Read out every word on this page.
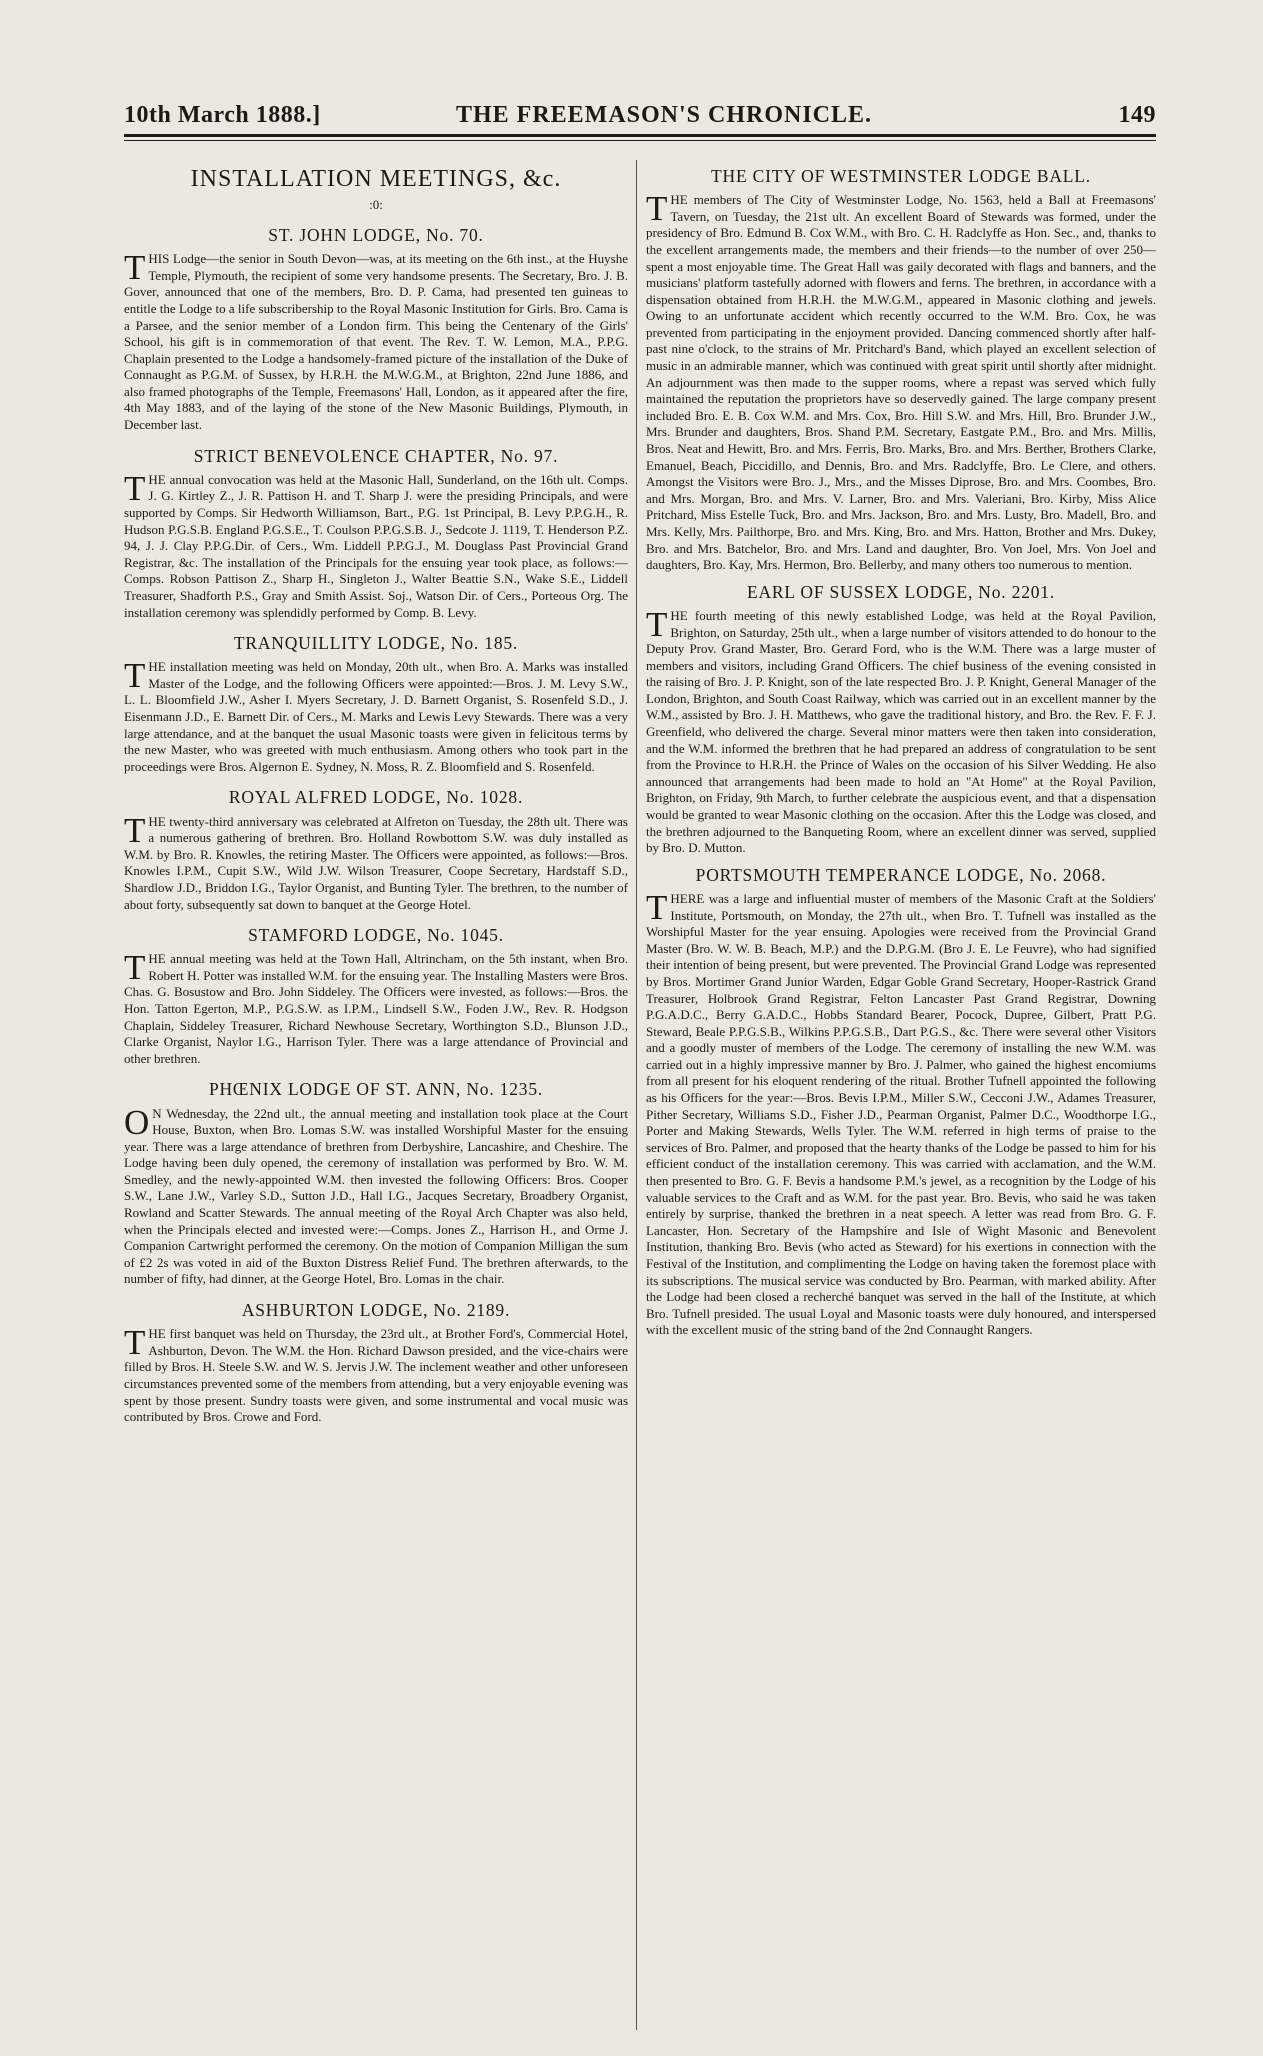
10th March 1888.]	THE FREEMASON'S CHRONICLE.	149
INSTALLATION MEETINGS, &c.
:0:
ST. JOHN LODGE, No. 70.

THIS Lodge—the senior in South Devon—was, at its meeting on the 6th inst., at the Huyshe Temple, Plymouth, the recipient of some very handsome presents. The Secretary, Bro. J. B. Gover, announced that one of the members, Bro. D. P. Cama, had presented ten guineas to entitle the Lodge to a life subscribership to the Royal Masonic Institution for Girls. Bro. Cama is a Parsee, and the senior member of a London firm. This being the Centenary of the Girls' School, his gift is in commemoration of that event. The Rev. T. W. Lemon, M.A., P.P.G. Chaplain presented to the Lodge a handsomely-framed picture of the installation of the Duke of Connaught as P.G.M. of Sussex, by H.R.H. the M.W.G.M., at Brighton, 22nd June 1886, and also framed photographs of the Temple, Freemasons' Hall, London, as it appeared after the fire, 4th May 1883, and of the laying of the stone of the New Masonic Buildings, Plymouth, in December last.

STRICT BENEVOLENCE CHAPTER, No. 97.

THE annual convocation was held at the Masonic Hall, Sunderland, on the 16th ult. Comps. J. G. Kirtley Z., J. R. Pattison H. and T. Sharp J. were the presiding Principals, and were supported by Comps. Sir Hedworth Williamson, Bart., P.G. 1st Principal, B. Levy P.P.G.H., R. Hudson P.G.S.B. England P.G.S.E., T. Coulson P.P.G.S.B. J., Sedcote J. 1119, T. Henderson P.Z. 94, J. J. Clay P.P.G.Dir. of Cers., Wm. Liddell P.P.G.J., M. Douglass Past Provincial Grand Registrar, &c. The installation of the Principals for the ensuing year took place, as follows:—Comps. Robson Pattison Z., Sharp H., Singleton J., Walter Beattie S.N., Wake S.E., Liddell Treasurer, Shadforth P.S., Gray and Smith Assist. Soj., Watson Dir. of Cers., Porteous Org. The installation ceremony was splendidly performed by Comp. B. Levy.

TRANQUILLITY LODGE, No. 185.

THE installation meeting was held on Monday, 20th ult., when Bro. A. Marks was installed Master of the Lodge, and the following Officers were appointed:—Bros. J. M. Levy S.W., L. L. Bloomfield J.W., Asher I. Myers Secretary, J. D. Barnett Organist, S. Rosenfeld S.D., J. Eisenmann J.D., E. Barnett Dir. of Cers., M. Marks and Lewis Levy Stewards. There was a very large attendance, and at the banquet the usual Masonic toasts were given in felicitous terms by the new Master, who was greeted with much enthusiasm. Among others who took part in the proceedings were Bros. Algernon E. Sydney, N. Moss, R. Z. Bloomfield and S. Rosenfeld.

ROYAL ALFRED LODGE, No. 1028.

THE twenty-third anniversary was celebrated at Alfreton on Tuesday, the 28th ult. There was a numerous gathering of brethren. Bro. Holland Rowbottom S.W. was duly installed as W.M. by Bro. R. Knowles, the retiring Master. The Officers were appointed, as follows:—Bros. Knowles I.P.M., Cupit S.W., Wild J.W. Wilson Treasurer, Coope Secretary, Hardstaff S.D., Shardlow J.D., Briddon I.G., Taylor Organist, and Bunting Tyler. The brethren, to the number of about forty, subsequently sat down to banquet at the George Hotel.

STAMFORD LODGE, No. 1045.

THE annual meeting was held at the Town Hall, Altrincham, on the 5th instant, when Bro. Robert H. Potter was installed W.M. for the ensuing year. The Installing Masters were Bros. Chas. G. Bosustow and Bro. John Siddeley. The Officers were invested, as follows:—Bros. the Hon. Tatton Egerton, M.P., P.G.S.W. as I.P.M., Lindsell S.W., Foden J.W., Rev. R. Hodgson Chaplain, Siddeley Treasurer, Richard Newhouse Secretary, Worthington S.D., Blunson J.D., Clarke Organist, Naylor I.G., Harrison Tyler. There was a large attendance of Provincial and other brethren.

PHŒNIX LODGE OF ST. ANN, No. 1235.

ON Wednesday, the 22nd ult., the annual meeting and installation took place at the Court House, Buxton, when Bro. Lomas S.W. was installed Worshipful Master for the ensuing year. There was a large attendance of brethren from Derbyshire, Lancashire, and Cheshire. The Lodge having been duly opened, the ceremony of installation was performed by Bro. W. M. Smedley, and the newly-appointed W.M. then invested the following Officers: Bros. Cooper S.W., Lane J.W., Varley S.D., Sutton J.D., Hall I.G., Jacques Secretary, Broadbery Organist, Rowland and Scatter Stewards. The annual meeting of the Royal Arch Chapter was also held, when the Principals elected and invested were:—Comps. Jones Z., Harrison H., and Orme J. Companion Cartwright performed the ceremony. On the motion of Companion Milligan the sum of £2 2s was voted in aid of the Buxton Distress Relief Fund. The brethren afterwards, to the number of fifty, had dinner, at the George Hotel, Bro. Lomas in the chair.

ASHBURTON LODGE, No. 2189.

THE first banquet was held on Thursday, the 23rd ult., at Brother Ford's, Commercial Hotel, Ashburton, Devon. The W.M. the Hon. Richard Dawson presided, and the vice-chairs were filled by Bros. H. Steele S.W. and W. S. Jervis J.W. The inclement weather and other unforeseen circumstances prevented some of the members from attending, but a very enjoyable evening was spent by those present. Sundry toasts were given, and some instrumental and vocal music was contributed by Bros. Crowe and Ford.

THE CITY OF WESTMINSTER LODGE BALL.

THE members of The City of Westminster Lodge, No. 1563, held a Ball at Freemasons' Tavern, on Tuesday, the 21st ult. An excellent Board of Stewards was formed, under the presidency of Bro. Edmund B. Cox W.M., with Bro. C. H. Radclyffe as Hon. Sec., and, thanks to the excellent arrangements made, the members and their friends—to the number of over 250—spent a most enjoyable time. The Great Hall was gaily decorated with flags and banners, and the musicians' platform tastefully adorned with flowers and ferns. The brethren, in accordance with a dispensation obtained from H.R.H. the M.W.G.M., appeared in Masonic clothing and jewels. Owing to an unfortunate accident which recently occurred to the W.M. Bro. Cox, he was prevented from participating in the enjoyment provided. Dancing commenced shortly after half-past nine o'clock, to the strains of Mr. Pritchard's Band, which played an excellent selection of music in an admirable manner, which was continued with great spirit until shortly after midnight. An adjournment was then made to the supper rooms, where a repast was served which fully maintained the reputation the proprietors have so deservedly gained. The large company present included Bro. E. B. Cox W.M. and Mrs. Cox, Bro. Hill S.W. and Mrs. Hill, Bro. Brunder J.W., Mrs. Brunder and daughters, Bros. Shand P.M. Secretary, Eastgate P.M., Bro. and Mrs. Millis, Bros. Neat and Hewitt, Bro. and Mrs. Ferris, Bro. Marks, Bro. and Mrs. Berther, Brothers Clarke, Emanuel, Beach, Piccidillo, and Dennis, Bro. and Mrs. Radclyffe, Bro. Le Clere, and others. Amongst the Visitors were Bro. J., Mrs., and the Misses Diprose, Bro. and Mrs. Coombes, Bro. and Mrs. Morgan, Bro. and Mrs. V. Larner, Bro. and Mrs. Valeriani, Bro. Kirby, Miss Alice Pritchard, Miss Estelle Tuck, Bro. and Mrs. Jackson, Bro. and Mrs. Lusty, Bro. Madell, Bro. and Mrs. Kelly, Mrs. Pailthorpe, Bro. and Mrs. King, Bro. and Mrs. Hatton, Brother and Mrs. Dukey, Bro. and Mrs. Batchelor, Bro. and Mrs. Land and daughter, Bro. Von Joel, Mrs. Von Joel and daughters, Bro. Kay, Mrs. Hermon, Bro. Bellerby, and many others too numerous to mention.

EARL OF SUSSEX LODGE, No. 2201.

THE fourth meeting of this newly established Lodge, was held at the Royal Pavilion, Brighton, on Saturday, 25th ult., when a large number of visitors attended to do honour to the Deputy Prov. Grand Master, Bro. Gerard Ford, who is the W.M. There was a large muster of members and visitors, including Grand Officers. The chief business of the evening consisted in the raising of Bro. J. P. Knight, son of the late respected Bro. J. P. Knight, General Manager of the London, Brighton, and South Coast Railway, which was carried out in an excellent manner by the W.M., assisted by Bro. J. H. Matthews, who gave the traditional history, and Bro. the Rev. F. F. J. Greenfield, who delivered the charge. Several minor matters were then taken into consideration, and the W.M. informed the brethren that he had prepared an address of congratulation to be sent from the Province to H.R.H. the Prince of Wales on the occasion of his Silver Wedding. He also announced that arrangements had been made to hold an "At Home" at the Royal Pavilion, Brighton, on Friday, 9th March, to further celebrate the auspicious event, and that a dispensation would be granted to wear Masonic clothing on the occasion. After this the Lodge was closed, and the brethren adjourned to the Banqueting Room, where an excellent dinner was served, supplied by Bro. D. Mutton.

PORTSMOUTH TEMPERANCE LODGE, No. 2068.

THERE was a large and influential muster of members of the Masonic Craft at the Soldiers' Institute, Portsmouth, on Monday, the 27th ult., when Bro. T. Tufnell was installed as the Worshipful Master for the year ensuing. Apologies were received from the Provincial Grand Master (Bro. W. W. B. Beach, M.P.) and the D.P.G.M. (Bro J. E. Le Feuvre), who had signified their intention of being present, but were prevented. The Provincial Grand Lodge was represented by Bros. Mortimer Grand Junior Warden, Edgar Goble Grand Secretary, Hooper-Rastrick Grand Treasurer, Holbrook Grand Registrar, Felton Lancaster Past Grand Registrar, Downing P.G.A.D.C., Berry G.A.D.C., Hobbs Standard Bearer, Pocock, Dupree, Gilbert, Pratt P.G. Steward, Beale P.P.G.S.B., Wilkins P.P.G.S.B., Dart P.G.S., &c. There were several other Visitors and a goodly muster of members of the Lodge. The ceremony of installing the new W.M. was carried out in a highly impressive manner by Bro. J. Palmer, who gained the highest encomiums from all present for his eloquent rendering of the ritual. Brother Tufnell appointed the following as his Officers for the year:—Bros. Bevis I.P.M., Miller S.W., Cecconi J.W., Adames Treasurer, Pither Secretary, Williams S.D., Fisher J.D., Pearman Organist, Palmer D.C., Woodthorpe I.G., Porter and Making Stewards, Wells Tyler. The W.M. referred in high terms of praise to the services of Bro. Palmer, and proposed that the hearty thanks of the Lodge be passed to him for his efficient conduct of the installation ceremony. This was carried with acclamation, and the W.M. then presented to Bro. G. F. Bevis a handsome P.M.'s jewel, as a recognition by the Lodge of his valuable services to the Craft and as W.M. for the past year. Bro. Bevis, who said he was taken entirely by surprise, thanked the brethren in a neat speech. A letter was read from Bro. G. F. Lancaster, Hon. Secretary of the Hampshire and Isle of Wight Masonic and Benevolent Institution, thanking Bro. Bevis (who acted as Steward) for his exertions in connection with the Festival of the Institution, and complimenting the Lodge on having taken the foremost place with its subscriptions. The musical service was conducted by Bro. Pearman, with marked ability. After the Lodge had been closed a recherché banquet was served in the hall of the Institute, at which Bro. Tufnell presided. The usual Loyal and Masonic toasts were duly honoured, and interspersed with the excellent music of the string band of the 2nd Connaught Rangers.
